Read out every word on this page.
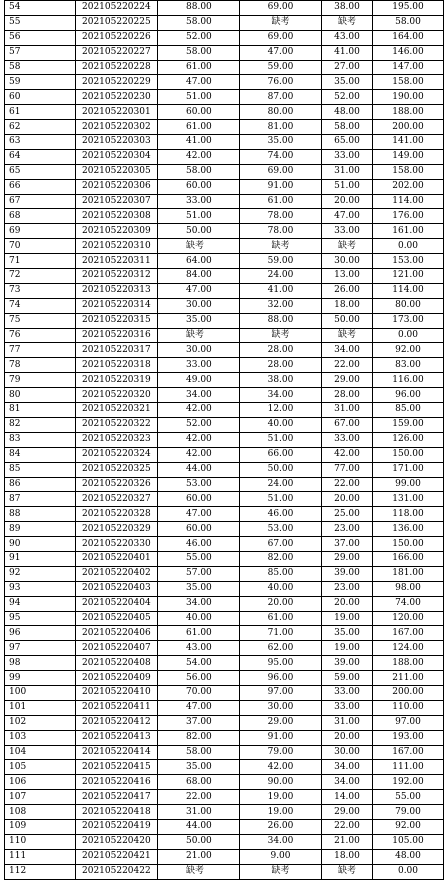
54	202105220224	88.00	69.00	38.00	195.00
55	202105220225	58.00	缺考	缺考	58.00
56	202105220226	52.00	69.00	43.00	164.00
57	202105220227	58.00	47.00	41.00	146.00
58	202105220228	61.00	59.00	27.00	147.00
59	202105220229	47.00	76.00	35.00	158.00
60	202105220230	51.00	87.00	52.00	190.00
61	202105220301	60.00	80.00	48.00	188.00
62	202105220302	61.00	81.00	58.00	200.00
63	202105220303	41.00	35.00	65.00	141.00
64	202105220304	42.00	74.00	33.00	149.00
65	202105220305	58.00	69.00	31.00	158.00
66	202105220306	60.00	91.00	51.00	202.00
67	202105220307	33.00	61.00	20.00	114.00
68	202105220308	51.00	78.00	47.00	176.00
69	202105220309	50.00	78.00	33.00	161.00
70	202105220310	缺考	缺考	缺考	0.00
71	202105220311	64.00	59.00	30.00	153.00
72	202105220312	84.00	24.00	13.00	121.00
73	202105220313	47.00	41.00	26.00	114.00
74	202105220314	30.00	32.00	18.00	80.00
75	202105220315	35.00	88.00	50.00	173.00
76	202105220316	缺考	缺考	缺考	0.00
77	202105220317	30.00	28.00	34.00	92.00
78	202105220318	33.00	28.00	22.00	83.00
79	202105220319	49.00	38.00	29.00	116.00
80	202105220320	34.00	34.00	28.00	96.00
81	202105220321	42.00	12.00	31.00	85.00
82	202105220322	52.00	40.00	67.00	159.00
83	202105220323	42.00	51.00	33.00	126.00
84	202105220324	42.00	66.00	42.00	150.00
85	202105220325	44.00	50.00	77.00	171.00
86	202105220326	53.00	24.00	22.00	99.00
87	202105220327	60.00	51.00	20.00	131.00
88	202105220328	47.00	46.00	25.00	118.00
89	202105220329	60.00	53.00	23.00	136.00
90	202105220330	46.00	67.00	37.00	150.00
91	202105220401	55.00	82.00	29.00	166.00
92	202105220402	57.00	85.00	39.00	181.00
93	202105220403	35.00	40.00	23.00	98.00
94	202105220404	34.00	20.00	20.00	74.00
95	202105220405	40.00	61.00	19.00	120.00
96	202105220406	61.00	71.00	35.00	167.00
97	202105220407	43.00	62.00	19.00	124.00
98	202105220408	54.00	95.00	39.00	188.00
99	202105220409	56.00	96.00	59.00	211.00
100	202105220410	70.00	97.00	33.00	200.00
101	202105220411	47.00	30.00	33.00	110.00
102	202105220412	37.00	29.00	31.00	97.00
103	202105220413	82.00	91.00	20.00	193.00
104	202105220414	58.00	79.00	30.00	167.00
105	202105220415	35.00	42.00	34.00	111.00
106	202105220416	68.00	90.00	34.00	192.00
107	202105220417	22.00	19.00	14.00	55.00
108	202105220418	31.00	19.00	29.00	79.00
109	202105220419	44.00	26.00	22.00	92.00
110	202105220420	50.00	34.00	21.00	105.00
111	202105220421	21.00	9.00	18.00	48.00
112	202105220422	缺考	缺考	缺考	0.00
